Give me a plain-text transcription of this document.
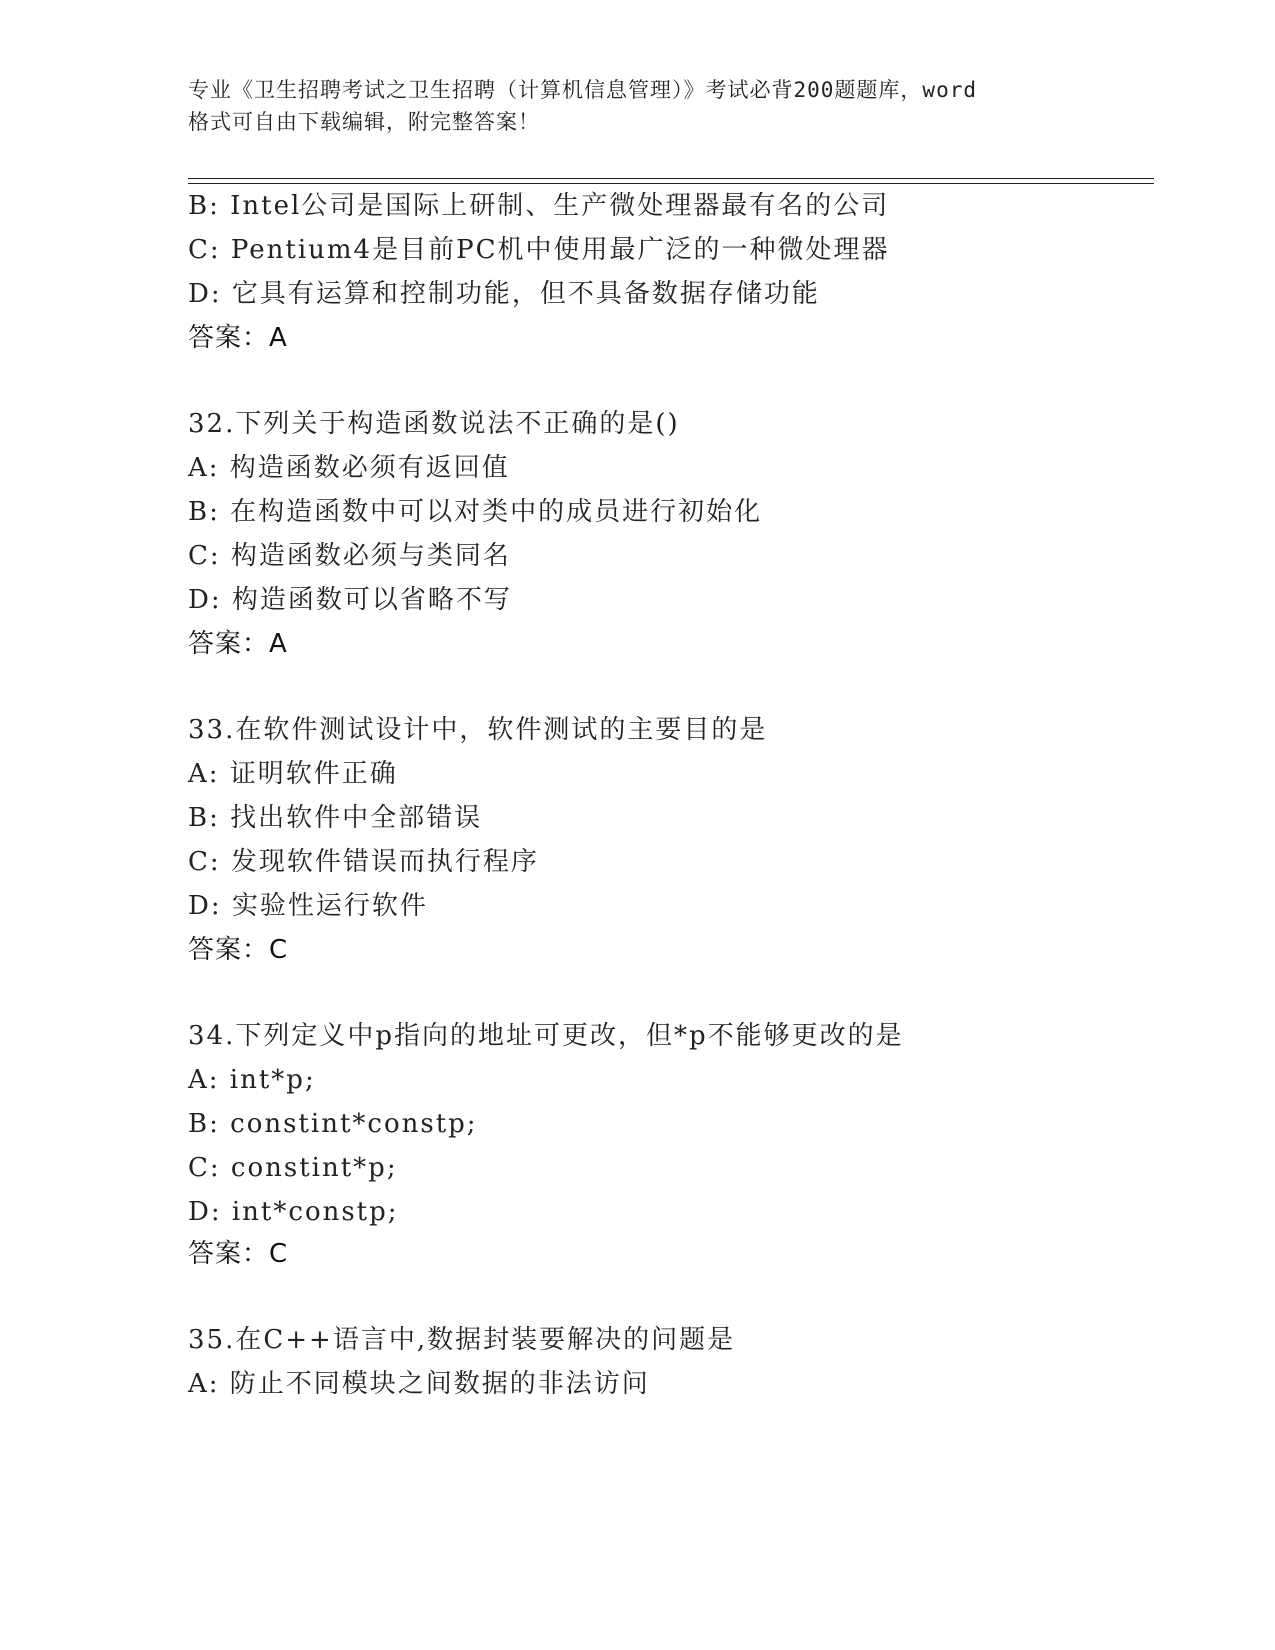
专业《卫生招聘考试之卫生招聘（计算机信息管理）》考试必背200题题库，word
格式可自由下载编辑，附完整答案！
B: Intel公司是国际上研制、生产微处理器最有名的公司
C: Pentium4是目前PC机中使用最广泛的一种微处理器
D: 它具有运算和控制功能，但不具备数据存储功能
答案：A
32.下列关于构造函数说法不正确的是()
A: 构造函数必须有返回值
B: 在构造函数中可以对类中的成员进行初始化
C: 构造函数必须与类同名
D: 构造函数可以省略不写
答案：A
33.在软件测试设计中，软件测试的主要目的是
A: 证明软件正确
B: 找出软件中全部错误
C: 发现软件错误而执行程序
D: 实验性运行软件
答案：C
34.下列定义中p指向的地址可更改，但*p不能够更改的是
A: int*p;
B: constint*constp;
C: constint*p;
D: int*constp;
答案：C
35.在C++语言中,数据封装要解决的问题是
A: 防止不同模块之间数据的非法访问
